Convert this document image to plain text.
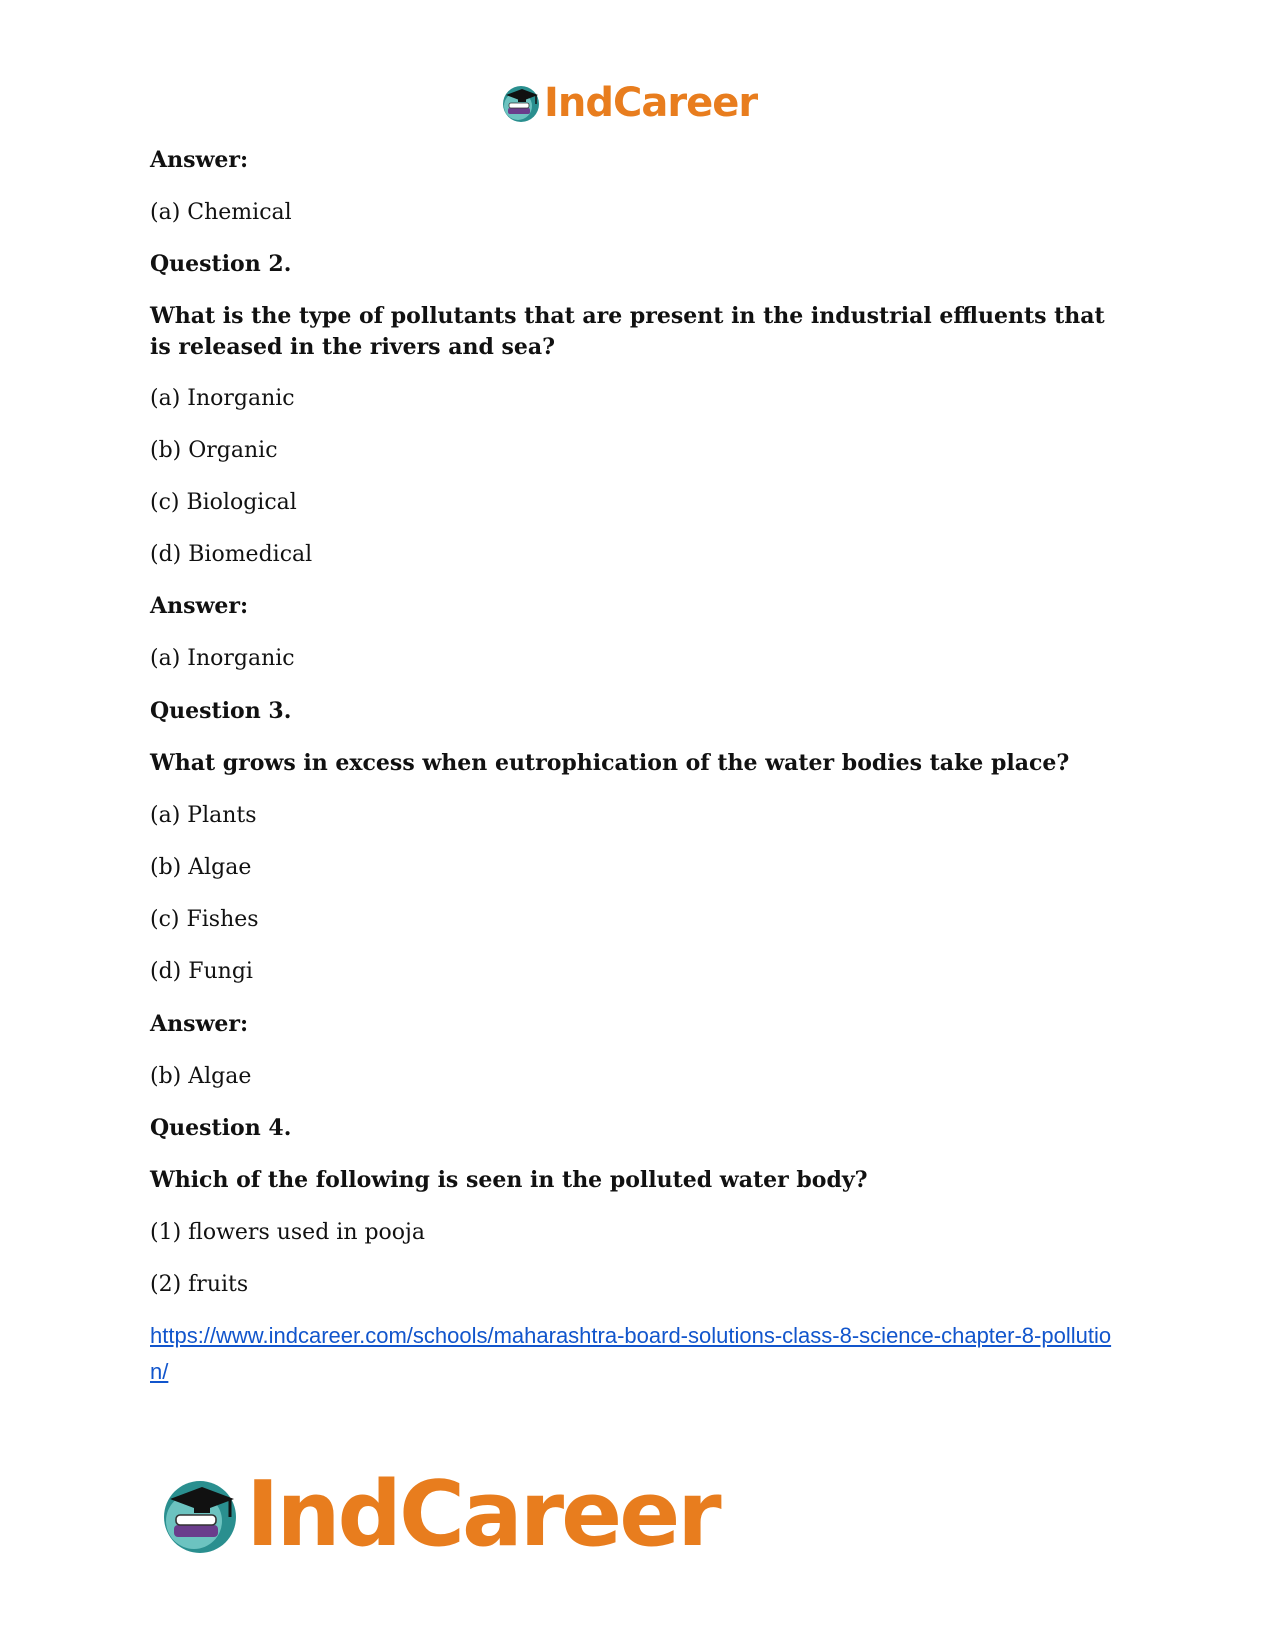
IndCareer
Answer:
(a) Chemical
Question 2.
What is the type of pollutants that are present in the industrial effluents that is released in the rivers and sea?
(a) Inorganic
(b) Organic
(c) Biological
(d) Biomedical
Answer:
(a) Inorganic
Question 3.
What grows in excess when eutrophication of the water bodies take place?
(a) Plants
(b) Algae
(c) Fishes
(d) Fungi
Answer:
(b) Algae
Question 4.
Which of the following is seen in the polluted water body?
(1) flowers used in pooja
(2) fruits
https://www.indcareer.com/schools/maharashtra-board-solutions-class-8-science-chapter-8-pollution/
IndCareer
